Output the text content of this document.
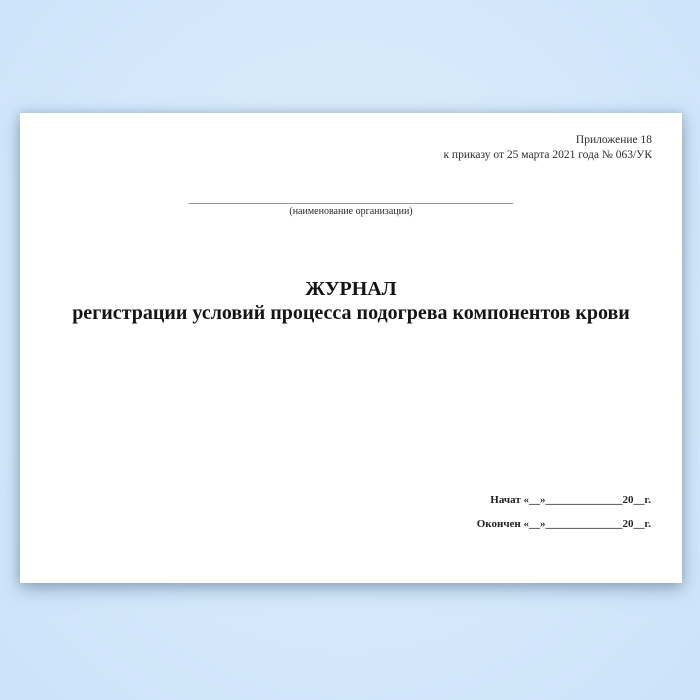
Приложение 18
к приказу от 25 марта 2021 года № 063/УК
___________________________________________________________
(наименование организации)
ЖУРНАЛ
регистрации условий процесса подогрева компонентов крови
Начат «__»______________20__г.
Окончен «__»______________20__г.
